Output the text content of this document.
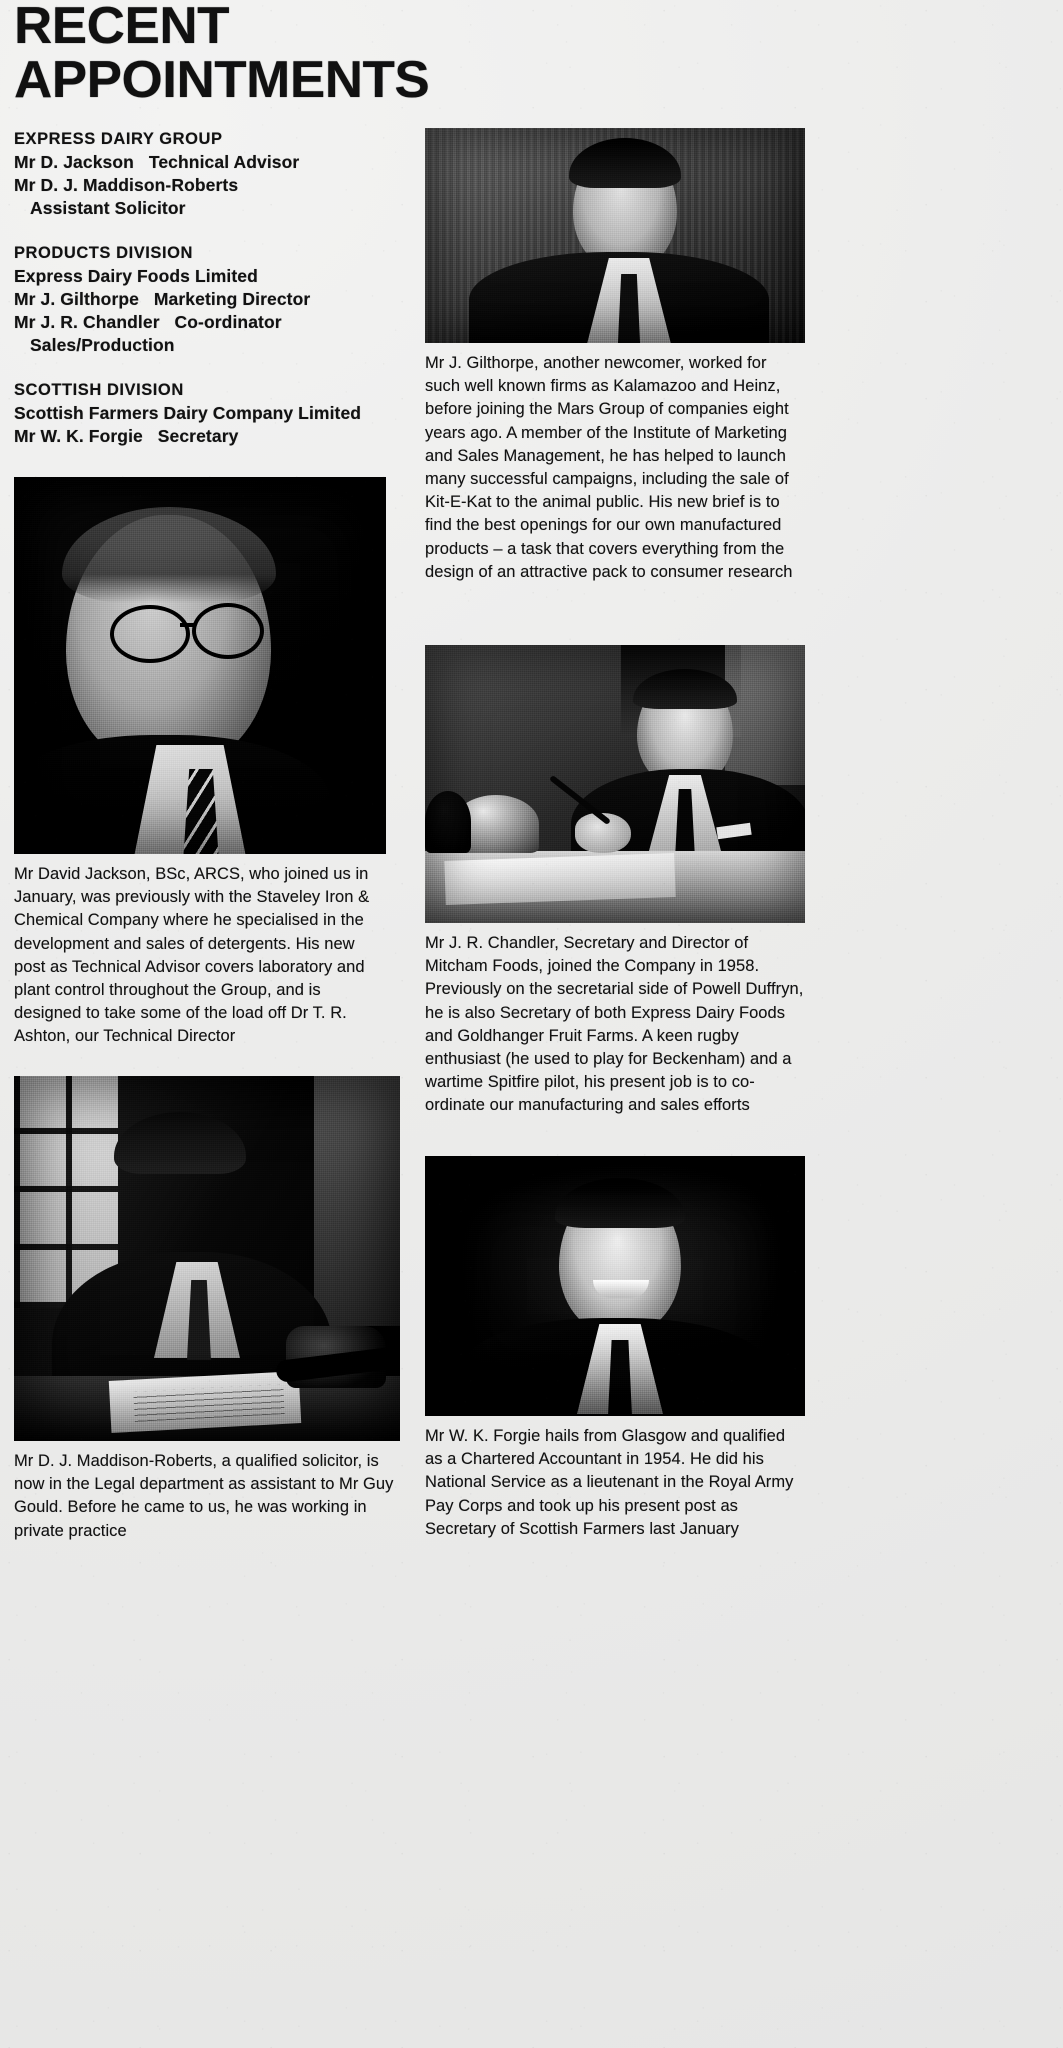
RECENT
APPOINTMENTS
EXPRESS DAIRY GROUP
Mr D. Jackson   Technical Advisor
Mr D. J. Maddison-Roberts
Assistant Solicitor
PRODUCTS DIVISION
Express Dairy Foods Limited
Mr J. Gilthorpe   Marketing Director
Mr J. R. Chandler   Co-ordinator
Sales/Production
SCOTTISH DIVISION
Scottish Farmers Dairy Company Limited
Mr W. K. Forgie   Secretary
Mr David Jackson, BSc, ARCS, who joined us in January, was previously with the Staveley Iron & Chemical Company where he specialised in the development and sales of detergents. His new post as Technical Advisor covers laboratory and plant control throughout the Group, and is designed to take some of the load off Dr T. R. Ashton, our Technical Director
Mr D. J. Maddison-Roberts, a qualified solicitor, is now in the Legal department as assistant to Mr Guy Gould. Before he came to us, he was working in private practice
Mr J. Gilthorpe, another newcomer, worked for such well known firms as Kalamazoo and Heinz, before joining the Mars Group of companies eight years ago. A member of the Institute of Marketing and Sales Management, he has helped to launch many successful campaigns, including the sale of Kit-E-Kat to the animal public. His new brief is to find the best openings for our own manufactured products – a task that covers everything from the design of an attractive pack to consumer research
Mr J. R. Chandler, Secretary and Director of Mitcham Foods, joined the Company in 1958. Previously on the secretarial side of Powell Duffryn, he is also Secretary of both Express Dairy Foods and Goldhanger Fruit Farms. A keen rugby enthusiast (he used to play for Beckenham) and a wartime Spitfire pilot, his present job is to co-ordinate our manufacturing and sales efforts
Mr W. K. Forgie hails from Glasgow and qualified as a Chartered Accountant in 1954. He did his National Service as a lieutenant in the Royal Army Pay Corps and took up his present post as Secretary of Scottish Farmers last January
